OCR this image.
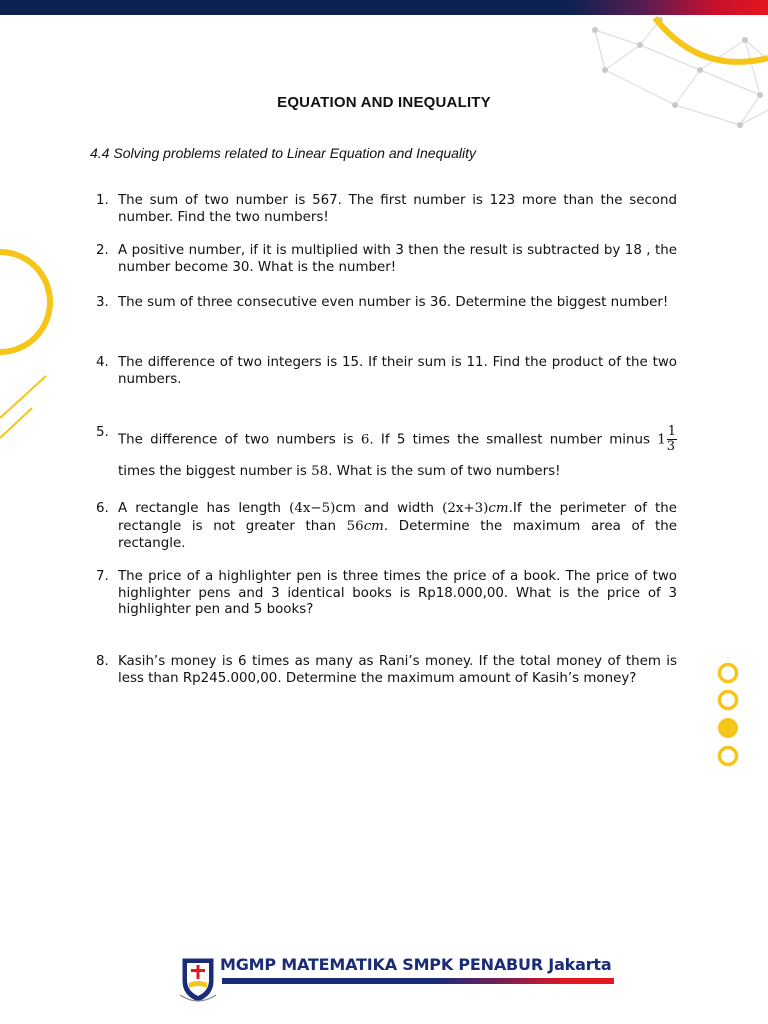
EQUATION AND INEQUALITY
4.4 Solving problems related to Linear Equation and Inequality
1. The sum of two number is 567. The first number is 123 more than the second number. Find the two numbers!
2. A positive number, if it is multiplied with 3 then the result is subtracted by 18 , the number become 30. What is the number!
3. The sum of three consecutive even number is 36. Determine the biggest number!
4. The difference of two integers is 15. If their sum is 11. Find the product of the two numbers.
5. The difference of two numbers is 6. If 5 times the smallest number minus $1 \frac{1}{3}$
times the biggest number is 58. What is the sum of two numbers!
6. A rectangle has length (4x−5)cm and width (2x+3)cm.If the perimeter of the rectangle is not greater than 56cm. Determine the maximum area of the rectangle.
7. The price of a highlighter pen is three times the price of a book. The price of two highlighter pens and 3 identical books is Rp18.000,00. What is the price of 3 highlighter pen and 5 books?
8. Kasih’s money is 6 times as many as Rani’s money. If the total money of them is less than Rp245.000,00. Determine the maximum amount of Kasih’s money?
MGMP MATEMATIKA SMPK PENABUR Jakarta
